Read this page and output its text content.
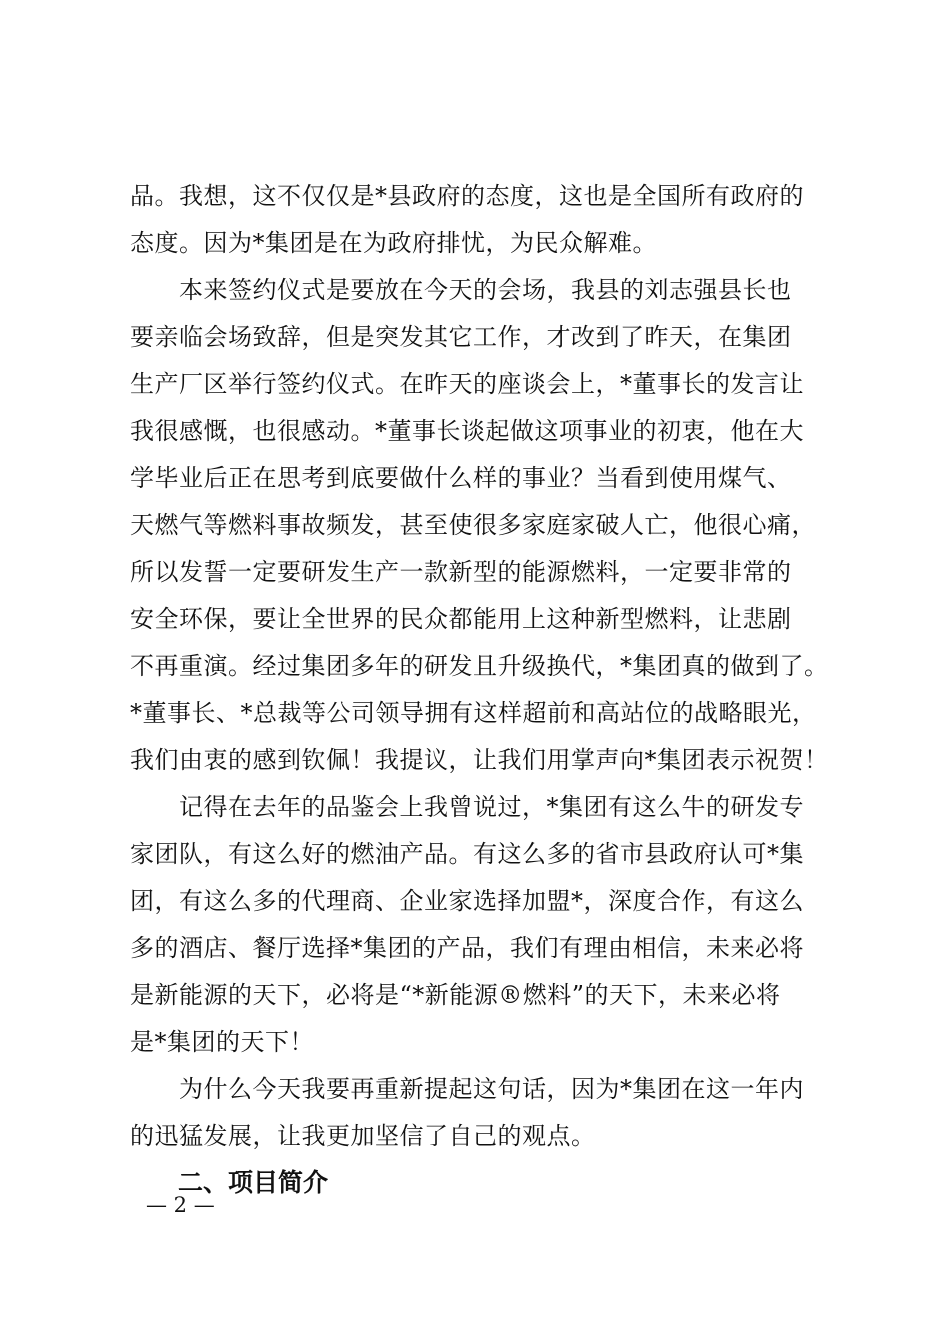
品。我想，这不仅仅是*县政府的态度，这也是全国所有政府的
态度。因为*集团是在为政府排忧，为民众解难。
　　本来签约仪式是要放在今天的会场，我县的刘志强县长也
要亲临会场致辞，但是突发其它工作，才改到了昨天，在集团
生产厂区举行签约仪式。在昨天的座谈会上，*董事长的发言让
我很感慨，也很感动。*董事长谈起做这项事业的初衷，他在大
学毕业后正在思考到底要做什么样的事业？当看到使用煤气、
天燃气等燃料事故频发，甚至使很多家庭家破人亡，他很心痛，
所以发誓一定要研发生产一款新型的能源燃料，一定要非常的
安全环保，要让全世界的民众都能用上这种新型燃料，让悲剧
不再重演。经过集团多年的研发且升级换代，*集团真的做到了。
*董事长、*总裁等公司领导拥有这样超前和高站位的战略眼光，
我们由衷的感到钦佩！我提议，让我们用掌声向*集团表示祝贺！
　　记得在去年的品鉴会上我曾说过，*集团有这么牛的研发专
家团队，有这么好的燃油产品。有这么多的省市县政府认可*集
团，有这么多的代理商、企业家选择加盟*，深度合作，有这么
多的酒店、餐厅选择*集团的产品，我们有理由相信，未来必将
是新能源的天下，必将是“*新能源®燃料”的天下，未来必将
是*集团的天下！
　　为什么今天我要再重新提起这句话，因为*集团在这一年内
的迅猛发展，让我更加坚信了自己的观点。
二、项目简介
— 2 —
